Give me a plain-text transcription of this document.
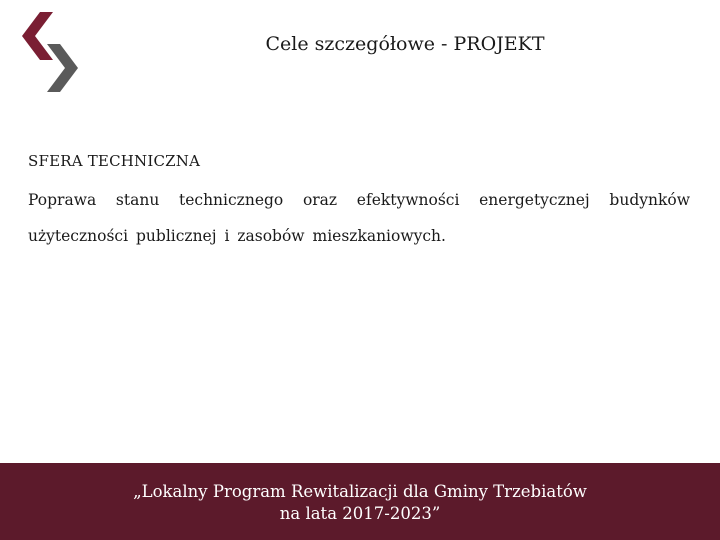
Cele szczegółowe - PROJEKT

SFERA TECHNICZNA

Poprawa stanu technicznego oraz efektywności energetycznej budynków użyteczności publicznej i zasobów mieszkaniowych.

„Lokalny Program Rewitalizacji dla Gminy Trzebiatów
na lata 2017-2023”
